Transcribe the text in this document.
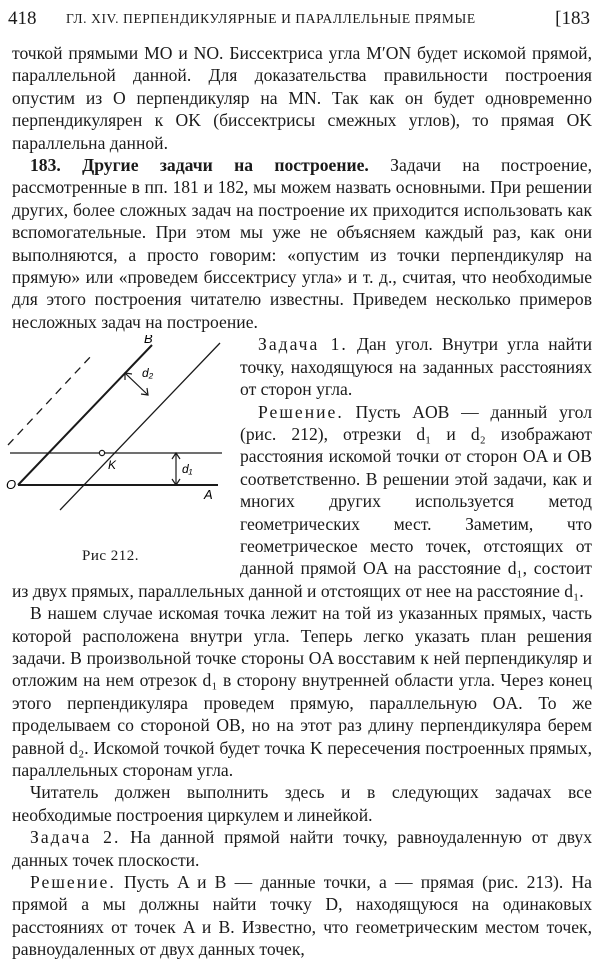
418 ГЛ. XIV. ПЕРПЕНДИКУЛЯРНЫЕ И ПАРАЛЛЕЛЬНЫЕ ПРЯМЫЕ	[183

точкой прямыми MO и NO. Биссектриса угла M′ON будет искомой прямой, параллельной данной. Для доказательства правильности построения опустим из O перпендикуляр на MN. Так как он будет одновременно перпендикулярен к OK (биссектрисы смежных углов), то прямая OK параллельна данной.

183. Другие задачи на построение. Задачи на построение, рассмотренные в пп. 181 и 182, мы можем назвать основными. При решении других, более сложных задач на построение их приходится использовать как вспомогательные. При этом мы уже не объясняем каждый раз, как они выполняются, а просто говорим: «опустим из точки перпендикуляр на прямую» или «проведем биссектрису угла» и т. д., считая, что необходимые для этого построения читателю известны. Приведем несколько примеров несложных задач на построение.

B
O
A
K	d₁
d₂
Рис 212.

Задача 1. Дан угол. Внутри угла найти точку, находящуюся на заданных расстояниях от сторон угла.

Решение. Пусть AOB — данный угол (рис. 212), отрезки d₁ и d₂ изображают расстояния искомой точки от сторон OA и OB соответственно. В решении этой задачи, как и многих других используется метод геометрических мест. Заметим, что геометрическое место точек, отстоящих от данной прямой OA на расстояние d₁, состоит из двух прямых, параллельных данной и отстоящих от нее на расстояние d₁.

В нашем случае искомая точка лежит на той из указанных прямых, часть которой расположена внутри угла. Теперь легко указать план решения задачи. В произвольной точке стороны OA восставим к ней перпендикуляр и отложим на нем отрезок d₁ в сторону внутренней области угла. Через конец этого перпендикуляра проведем прямую, параллельную OA. То же проделываем со стороной OB, но на этот раз длину перпендикуляра берем равной d₂. Искомой точкой будет точка K пересечения построенных прямых, параллельных сторонам угла.

Читатель должен выполнить здесь и в следующих задачах все необходимые построения циркулем и линейкой.

Задача 2. На данной прямой найти точку, равноудаленную от двух данных точек плоскости.

Решение. Пусть A и B — данные точки, a — прямая (рис. 213). На прямой a мы должны найти точку D, находящуюся на одинаковых расстояниях от точек A и B. Известно, что геометрическим местом точек, равноудаленных от двух данных точек,
